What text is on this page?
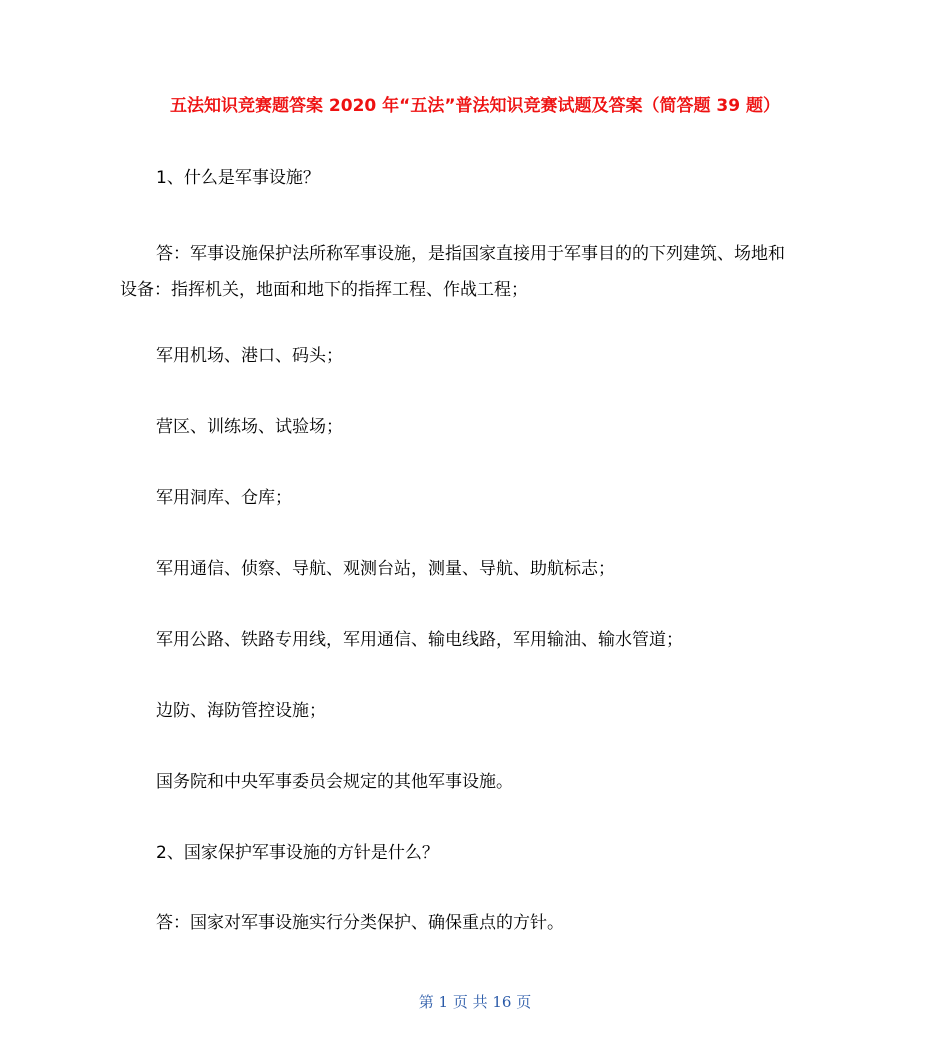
五法知识竞赛题答案 2020 年“五法”普法知识竞赛试题及答案（简答题 39 题）

1、什么是军事设施？

答：军事设施保护法所称军事设施，是指国家直接用于军事目的的下列建筑、场地和
设备：指挥机关，地面和地下的指挥工程、作战工程；

军用机场、港口、码头；

营区、训练场、试验场；

军用洞库、仓库；

军用通信、侦察、导航、观测台站，测量、导航、助航标志；

军用公路、铁路专用线，军用通信、输电线路，军用输油、输水管道；

边防、海防管控设施；

国务院和中央军事委员会规定的其他军事设施。

2、国家保护军事设施的方针是什么？

答：国家对军事设施实行分类保护、确保重点的方针。

第 1 页 共 16 页
